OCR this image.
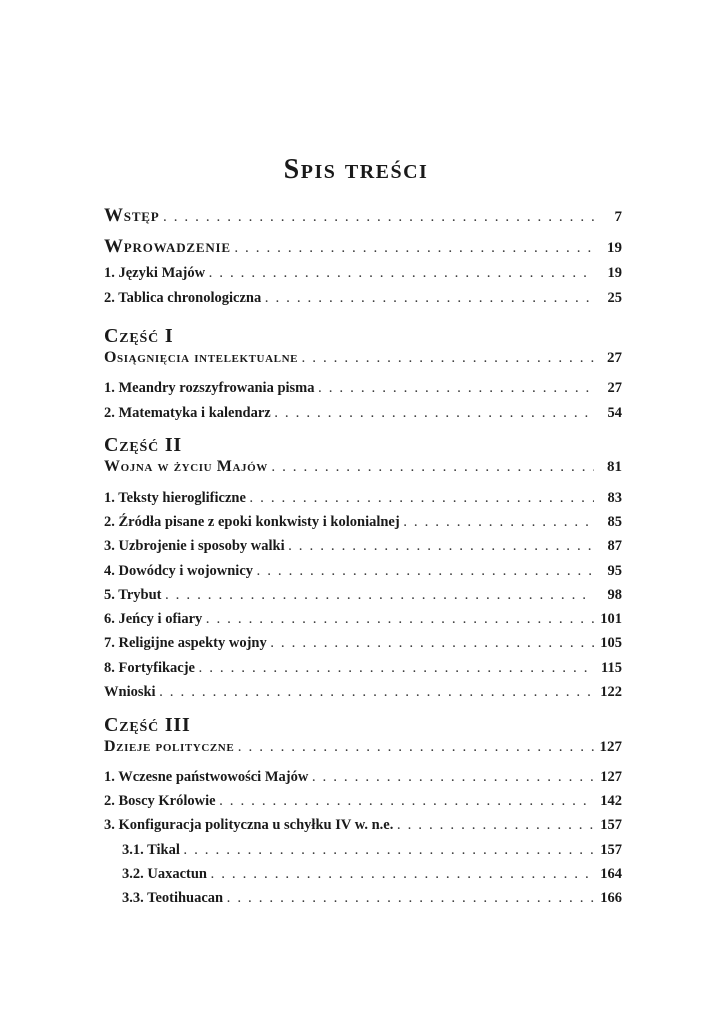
Spis treści
Wstęp . . .	7
Wprowadzenie . . .	19
1. Języki Majów . . .	19
2. Tablica chronologiczna . . .	25
Część I
Osiągnięcia intelektualne . . .	27
1. Meandry rozszyfrowania pisma . . .	27
2. Matematyka i kalendarz . . .	54
Część II
Wojna w życiu Majów . . .	81
1. Teksty hieroglificzne . . .	83
2. Źródła pisane z epoki konkwisty i kolonialnej . . .	85
3. Uzbrojenie i sposoby walki . . .	87
4. Dowódcy i wojownicy . . .	95
5. Trybut . . .	98
6. Jeńcy i ofiary . . .	101
7. Religijne aspekty wojny . . .	105
8. Fortyfikacje . . .	115
Wnioski . . .	122
Część III
Dzieje polityczne . . .	127
1. Wczesne państwowości Majów . . .	127
2. Boscy Królowie . . .	142
3. Konfiguracja polityczna u schyłku IV w. n.e. . . .	157
3.1. Tikal . . .	157
3.2. Uaxactun . . .	164
3.3. Teotihuacan . . .	166
